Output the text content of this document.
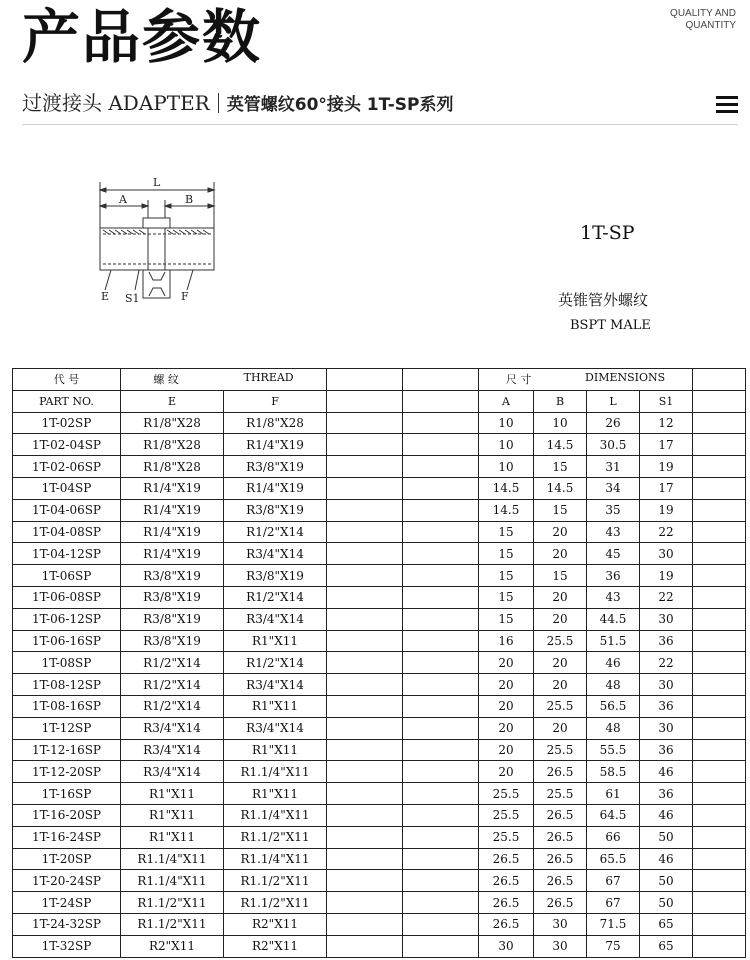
产品参数	QUALITY AND
QUANTITY
过渡接头 ADAPTER 英管螺纹60°接头 1T-SP系列
L
A	B
E S1	F
1T-SP
英锥管外螺纹
BSPT MALE
代 号	螺 纹 THREAD				尺 寸 DIMENSIONS				

PART NO.	E	F			A	B	L	S1	
1T-02SP	R1/8"X28	R1/8"X28			10	10	26	12	
1T-02-04SP	R1/8"X28	R1/4"X19			10	14.5	30.5	17	
1T-02-06SP	R1/8"X28	R3/8"X19			10	15	31	19	
1T-04SP	R1/4"X19	R1/4"X19			14.5	14.5	34	17	
1T-04-06SP	R1/4"X19	R3/8"X19			14.5	15	35	19	
1T-04-08SP	R1/4"X19	R1/2"X14			15	20	43	22	
1T-04-12SP	R1/4"X19	R3/4"X14			15	20	45	30	
1T-06SP	R3/8"X19	R3/8"X19			15	15	36	19	
1T-06-08SP	R3/8"X19	R1/2"X14			15	20	43	22	
1T-06-12SP	R3/8"X19	R3/4"X14			15	20	44.5	30	
1T-06-16SP	R3/8"X19	R1"X11			16	25.5	51.5	36	
1T-08SP	R1/2"X14	R1/2"X14			20	20	46	22	
1T-08-12SP	R1/2"X14	R3/4"X14			20	20	48	30	
1T-08-16SP	R1/2"X14	R1"X11			20	25.5	56.5	36	
1T-12SP	R3/4"X14	R3/4"X14			20	20	48	30	
1T-12-16SP	R3/4"X14	R1"X11			20	25.5	55.5	36	
1T-12-20SP	R3/4"X14	R1.1/4"X11			20	26.5	58.5	46	
1T-16SP	R1"X11	R1"X11			25.5	25.5	61	36	
1T-16-20SP	R1"X11	R1.1/4"X11			25.5	26.5	64.5	46	
1T-16-24SP	R1"X11	R1.1/2"X11			25.5	26.5	66	50	
1T-20SP	R1.1/4"X11	R1.1/4"X11			26.5	26.5	65.5	46	
1T-20-24SP	R1.1/4"X11	R1.1/2"X11			26.5	26.5	67	50	
1T-24SP	R1.1/2"X11	R1.1/2"X11			26.5	26.5	67	50	
1T-24-32SP	R1.1/2"X11	R2"X11			26.5	30	71.5	65	
1T-32SP	R2"X11	R2"X11			30	30	75	65	
